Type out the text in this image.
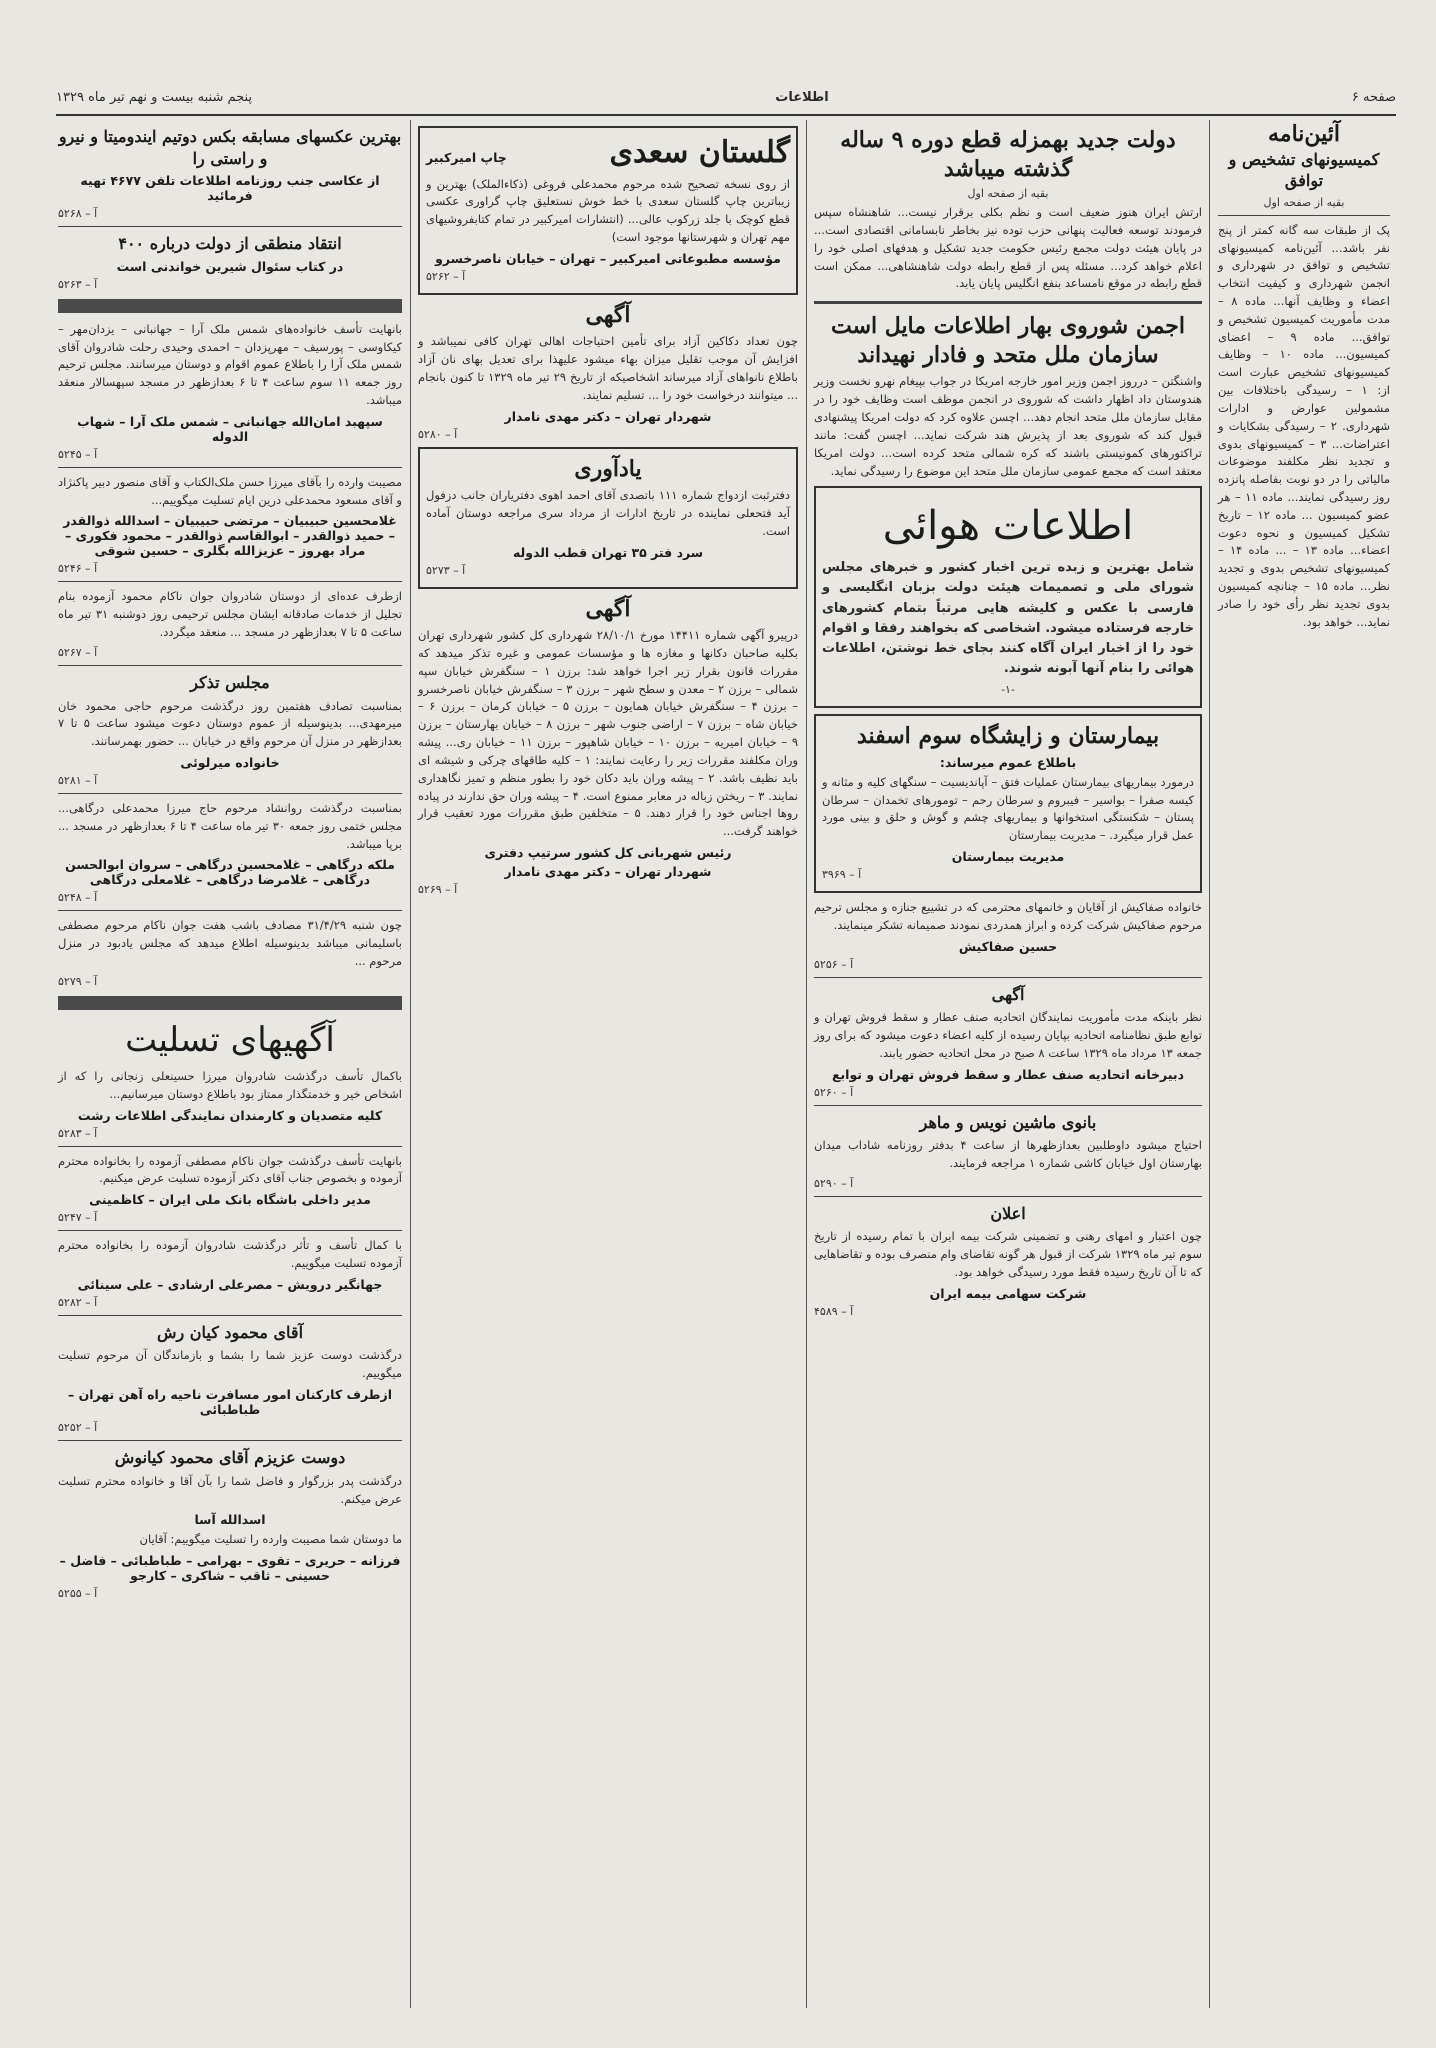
صفحه ۶
اطلاعات
پنجم شنبه بیست و نهم تیر ماه ۱۳۲۹
آئین‌نامه
کمیسیونهای تشخیص و توافق
بقیه از صفحه اول

پک از طبقات سه گانه کمتر از پنج نفر باشد... آئین‌نامه کمیسیونهای تشخیص و توافق در شهرداری و انجمن شهرداری و کیفیت انتخاب اعضاء و وظایف آنها... ماده ۸ – مدت مأموریت کمیسیون تشخیص و توافق... ماده ۹ – اعضای کمیسیون... ماده ۱۰ – وظایف کمیسیونهای تشخیص عبارت است از: ۱ – رسیدگی باختلافات بین مشمولین عوارض و ادارات شهرداری. ۲ – رسیدگی بشکایات و اعتراضات... ۳ – کمیسیونهای بدوی و تجدید نظر مکلفند موضوعات مالیاتی را در دو نوبت بفاصله پانزده روز رسیدگی نمایند... ماده ۱۱ – هر عضو کمیسیون ... ماده ۱۲ – تاریخ تشکیل کمیسیون و نحوه دعوت اعضاء... ماده ۱۳ – ... ماده ۱۴ – کمیسیونهای تشخیص بدوی و تجدید نظر... ماده ۱۵ – چنانچه کمیسیون بدوی تجدید نظر رأی خود را صادر نماید... خواهد بود.

دولت جدید بهمزله قطع دوره ۹ ساله گذشته میباشد
بقیه از صفحه اول

ارتش ایران هنوز ضعیف است و نظم بکلی برقرار نیست... شاهنشاه سپس فرمودند توسعه فعالیت پنهانی حزب توده نیز بخاطر نابسامانی اقتصادی است... در پایان هیئت دولت مجمع رئیس حکومت جدید تشکیل و هدفهای اصلی خود را اعلام خواهد کرد... مسئله پس از قطع رابطه دولت شاهنشاهی... ممکن است قطع رابطه در موقع نامساعد بنفع انگلیس پایان یابد.

اجمن شوروی بهار اطلاعات مایل است سازمان ملل متحد و فادار نهیداند

واشنگتن – درروز اجمن وزیر امور خارجه امریکا در جواب بپیغام نهرو نخست وزیر هندوستان داد اظهار داشت که شوروی در انجمن موظف است وظایف خود را در مقابل سازمان ملل متحد انجام دهد... اچسن علاوه کرد که دولت امریکا پیشنهادی قبول کند که شوروی بعد از پذیرش هند شرکت نماید... اچسن گفت: مانند تراکتورهای کمونیستی باشند که کره شمالی متحد کرده است... دولت امریکا معتقد است که مجمع عمومی سازمان ملل متحد این موضوع را رسیدگی نماید.

اطلاعات هوائی

شامل بهترین و زبده ترین اخبار کشور و خبرهای مجلس شورای ملی و تصمیمات هیئت دولت بزبان انگلیسی و فارسی با عکس و کلیشه هایی مرتباً بتمام کشورهای خارجه فرستاده میشود. اشخاصی که بخواهند رفقا و اقوام خود را از اخبار ایران آگاه کنند بجای خط نوشتن، اطلاعات هوائی را بنام آنها آبونه شوند.

-۱-
بیمارستان و زایشگاه سوم اسفند
باطلاع عموم میرساند:

درمورد بیماریهای بیمارستان عملیات فتق – آپاندیسیت – سنگهای کلیه و مثانه و کیسه صفرا – بواسیر – فیبروم و سرطان رحم – تومورهای تخمدان – سرطان پستان – شکستگی استخوانها و بیماریهای چشم و گوش و حلق و بینی مورد عمل قرار میگیرد. – مدیریت بیمارستان

مدیریت بیمارستان
آ – ۳۹۶۹

خانواده صفاکیش از آقایان و خانمهای محترمی که در تشییع جنازه و مجلس ترحیم مرحوم صفاکیش شرکت کرده و ابراز همدردی نمودند صمیمانه تشکر مینمایند.

حسین صفاکیش
آ – ۵۲۵۶
آگهی

نظر باینکه مدت مأموریت نمایندگان اتحادیه صنف عطار و سقط فروش تهران و توابع طبق نظامنامه اتحادیه بپایان رسیده از کلیه اعضاء دعوت میشود که برای روز جمعه ۱۳ مرداد ماه ۱۳۲۹ ساعت ۸ صبح در محل اتحادیه حضور یابند.

دبیرخانه اتحادیه صنف عطار و سقط فروش تهران و توابع
آ – ۵۲۶۰
بانوی ماشین نویس و ماهر

احتیاج میشود داوطلبین بعدازظهرها از ساعت ۴ بدفتر روزنامه شاداب میدان بهارستان اول خیابان کاشی شماره ۱ مراجعه فرمایند.

آ – ۵۲۹۰
اعلان

چون اعتبار و امهای رهنی و تضمینی شرکت بیمه ایران با تمام رسیده از تاریخ سوم تیر ماه ۱۳۲۹ شرکت از قبول هر گونه تقاضای وام منصرف بوده و تقاضاهایی که تا آن تاریخ رسیده فقط مورد رسیدگی خواهد بود.

شرکت سهامی بیمه ایران
آ – ۴۵۸۹
گلستان سعدی
چاپ امیرکبیر

از روی نسخه تصحیح شده مرحوم محمدعلی فروغی (ذکاءالملک) بهترین و زیباترین چاپ گلستان سعدی با خط خوش نستعلیق چاپ گراوری عکسی قطع کوچک با جلد زرکوب عالی... (انتشارات امیرکبیر در تمام کتابفروشیهای مهم تهران و شهرستانها موجود است)

مؤسسه مطبوعاتی امیرکبیر – تهران – خیابان ناصرخسرو
آ – ۵۲۶۲
آگهی

چون تعداد دکاکین آزاد برای تأمین احتیاجات اهالی تهران کافی نمیباشد و افزایش آن موجب تقلیل میزان بهاء میشود علیهذا برای تعدیل بهای نان آزاد باطلاع نانواهای آزاد میرساند اشخاصیکه از تاریخ ۲۹ تیر ماه ۱۳۲۹ تا کنون بانجام ... میتوانند درخواست خود را ... تسلیم نمایند.

شهردار تهران – دکتر مهدی نامدار
آ – ۵۲۸۰
یادآوری

دفترثبت ازدواج شماره ۱۱۱ باتصدی آقای احمد اهوی دفتریاران جانب دزفول آید فتحعلی نماینده در تاریخ ادارات از مرداد سری مراجعه دوستان آماده است.

سرد فتر ۳۵ تهران قطب الدوله
آ – ۵۲۷۳
آگهی

درپیرو آگهی شماره ۱۴۴۱۱ مورخ ۲۸/۱۰/۱ شهرداری کل کشور شهرداری تهران بکلیه صاحبان دکانها و مغازه ها و مؤسسات عمومی و غیره تذکر میدهد که مقررات قانون بقرار زیر اجرا خواهد شد: برزن ۱ – سنگفرش خیابان سپه شمالی – برزن ۲ – معدن و سطح شهر – برزن ۳ – سنگفرش خیابان ناصرخسرو – برزن ۴ – سنگفرش خیابان همایون – برزن ۵ – خیابان کرمان – برزن ۶ – خیابان شاه – برزن ۷ – اراضی جنوب شهر – برزن ۸ – خیابان بهارستان – برزن ۹ – خیابان امیریه – برزن ۱۰ – خیابان شاهپور – برزن ۱۱ – خیابان ری... پیشه وران مکلفند مقررات زیر را رعایت نمایند: ۱ – کلیه طاقهای چرکی و شیشه ای باید نظیف باشد. ۲ – پیشه وران باید دکان خود را بطور منظم و تمیز نگاهداری نمایند. ۳ – ریختن زباله در معابر ممنوع است. ۴ – پیشه وران حق ندارند در پیاده روها اجناس خود را قرار دهند. ۵ – متخلفین طبق مقررات مورد تعقیب قرار خواهند گرفت...

رئیس شهربانی کل کشور سرتیپ دفتری
شهردار تهران – دکتر مهدی نامدار
آ – ۵۲۶۹
بهترین عکسهای مسابقه بکس دوتیم ایندومیتا و نیرو و راستی را
از عکاسی جنب روزنامه اطلاعات تلفن ۴۶۷۷ تهیه فرمائید
آ – ۵۲۶۸
انتقاد منطقی از دولت درباره ۴۰۰
در کتاب سئوال شیرین خواندنی است
آ – ۵۲۶۳

بانهایت تأسف خانواده‌های شمس ملک آرا – جهانبانی – یزدان‌مهر – کیکاوسی – پورسیف – مهرپزدان – احمدی وحیدی رحلت شادروان آقای شمس ملک آرا را باطلاع عموم اقوام و دوستان میرسانند. مجلس ترحیم روز جمعه ۱۱ سوم ساعت ۴ تا ۶ بعدازظهر در مسجد سپهسالار منعقد میباشد.

سپهبد امان‌الله جهانبانی – شمس ملک آرا – شهاب الدوله
آ – ۵۲۴۵

مصیبت وارده را بآقای میرزا حسن ملک‌الکتاب و آقای منصور دبیر پاکنژاد و آقای مسعود محمدعلی درین ایام تسلیت میگوییم...

غلامحسین حبیبیان – مرتضی حبیبیان – اسدالله ذوالقدر – حمید ذوالقدر – ابوالقاسم ذوالقدر – محمود فکوری – مراد بهروز – عزیزالله بگلری – حسین شوقی
آ – ۵۲۴۶

ازطرف عده‌ای از دوستان شادروان جوان ناکام محمود آزموده بنام تجلیل از خدمات صادقانه ایشان مجلس ترحیمی روز دوشنبه ۳۱ تیر ماه ساعت ۵ تا ۷ بعدازظهر در مسجد ... منعقد میگردد.

آ – ۵۲۶۷
مجلس تذکر

بمناسبت تصادف هفتمین روز درگذشت مرحوم حاجی محمود خان میرمهدی... بدینوسیله از عموم دوستان دعوت میشود ساعت ۵ تا ۷ بعدازظهر در منزل آن مرحوم واقع در خیابان ... حضور بهمرسانند.

خانواده میرلوئی
آ – ۵۲۸۱

بمناسبت درگذشت روانشاد مرحوم حاج میرزا محمدعلی درگاهی... مجلس ختمی روز جمعه ۳۰ تیر ماه ساعت ۴ تا ۶ بعدازظهر در مسجد ... برپا میباشد.

ملکه درگاهی – غلامحسین درگاهی – سروان ابوالحسن درگاهی – غلامرضا درگاهی – غلامعلی درگاهی
آ – ۵۲۴۸

چون شنبه ۳۱/۴/۲۹ مصادف باشب هفت جوان ناکام مرحوم مصطفی باسلیمانی میباشد بدینوسیله اطلاع میدهد که مجلس یادبود در منزل مرحوم ...

آ – ۵۲۷۹
آگهیهای تسلیت

باکمال تأسف درگذشت شادروان میرزا حسینعلی زنجانی را که از اشخاص خیر و خدمتگذار ممتاز بود باطلاع دوستان میرسانیم...

کلیه متصدیان و کارمندان نمایندگی اطلاعات رشت
آ – ۵۲۸۳

بانهایت تأسف درگذشت جوان ناکام مصطفی آزموده را بخانواده محترم آزموده و بخصوص جناب آقای دکتر آزموده تسلیت عرض میکنیم.

مدیر داخلی باشگاه بانک ملی ایران – کاظمینی
آ – ۵۲۴۷

با کمال تأسف و تأثر درگذشت شادروان آزموده را بخانواده محترم آزموده تسلیت میگوییم.

جهانگیر درویش – مصرعلی ارشادی – علی سینائی
آ – ۵۲۸۲
آقای محمود کیان رش

درگذشت دوست عزیز شما را بشما و بازماندگان آن مرحوم تسلیت میگوییم.

ازطرف کارکنان امور مسافرت ناحیه راه آهن تهران – طباطبائی
آ – ۵۲۵۲
دوست عزیزم آقای محمود کیانوش

درگذشت پدر بزرگوار و فاضل شما را بآن آقا و خانواده محترم تسلیت عرض میکنم.

اسدالله آسا

ما دوستان شما مصیبت وارده را تسلیت میگوییم: آقایان

فرزانه – حریری – تقوی – بهرامی – طباطبائی – فاضل – حسینی – ثاقب – شاکری – کارجو
آ – ۵۲۵۵
